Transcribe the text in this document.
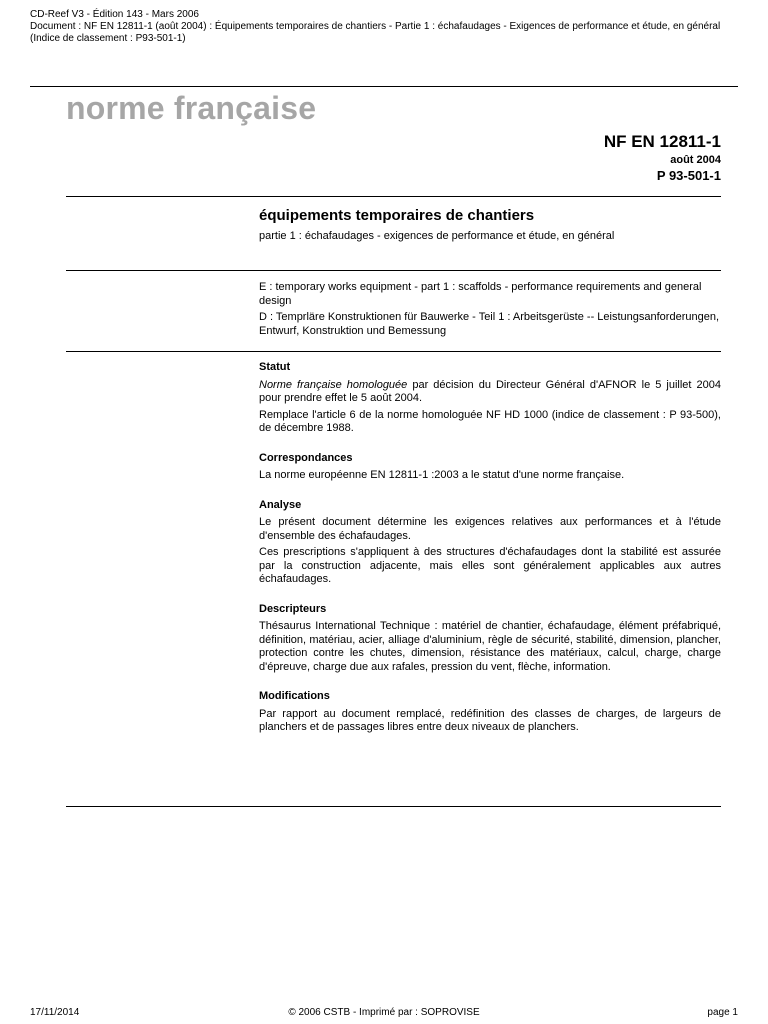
CD-Reef V3 - Édition 143 - Mars 2006
Document : NF EN 12811-1 (août 2004) : Équipements temporaires de chantiers - Partie 1 : échafaudages - Exigences de performance et étude, en général (Indice de classement : P93-501-1)
norme française
NF EN 12811-1
août 2004
P 93-501-1
équipements temporaires de chantiers
partie 1 : échafaudages - exigences de performance et étude, en général

E : temporary works equipment - part 1 : scaffolds - performance requirements and general design

D : Temprläre Konstruktionen für Bauwerke - Teil 1 : Arbeitsgerüste -- Leistungsanforderungen, Entwurf, Konstruktion und Bemessung

Statut

Norme française homologuée par décision du Directeur Général d'AFNOR le 5 juillet 2004 pour prendre effet le 5 août 2004.

Remplace l'article 6 de la norme homologuée NF HD 1000 (indice de classement : P 93-500), de décembre 1988.

Correspondances

La norme européenne EN 12811-1 :2003 a le statut d'une norme française.

Analyse

Le présent document détermine les exigences relatives aux performances et à l'étude d'ensemble des échafaudages.

Ces prescriptions s'appliquent à des structures d'échafaudages dont la stabilité est assurée par la construction adjacente, mais elles sont généralement applicables aux autres échafaudages.

Descripteurs

Thésaurus International Technique : matériel de chantier, échafaudage, élément préfabriqué, définition, matériau, acier, alliage d'aluminium, règle de sécurité, stabilité, dimension, plancher, protection contre les chutes, dimension, résistance des matériaux, calcul, charge, charge d'épreuve, charge due aux rafales, pression du vent, flèche, information.

Modifications

Par rapport au document remplacé, redéfinition des classes de charges, de largeurs de planchers et de passages libres entre deux niveaux de planchers.

17/11/2014	© 2006 CSTB - Imprimé par : SOPROVISE	page 1
